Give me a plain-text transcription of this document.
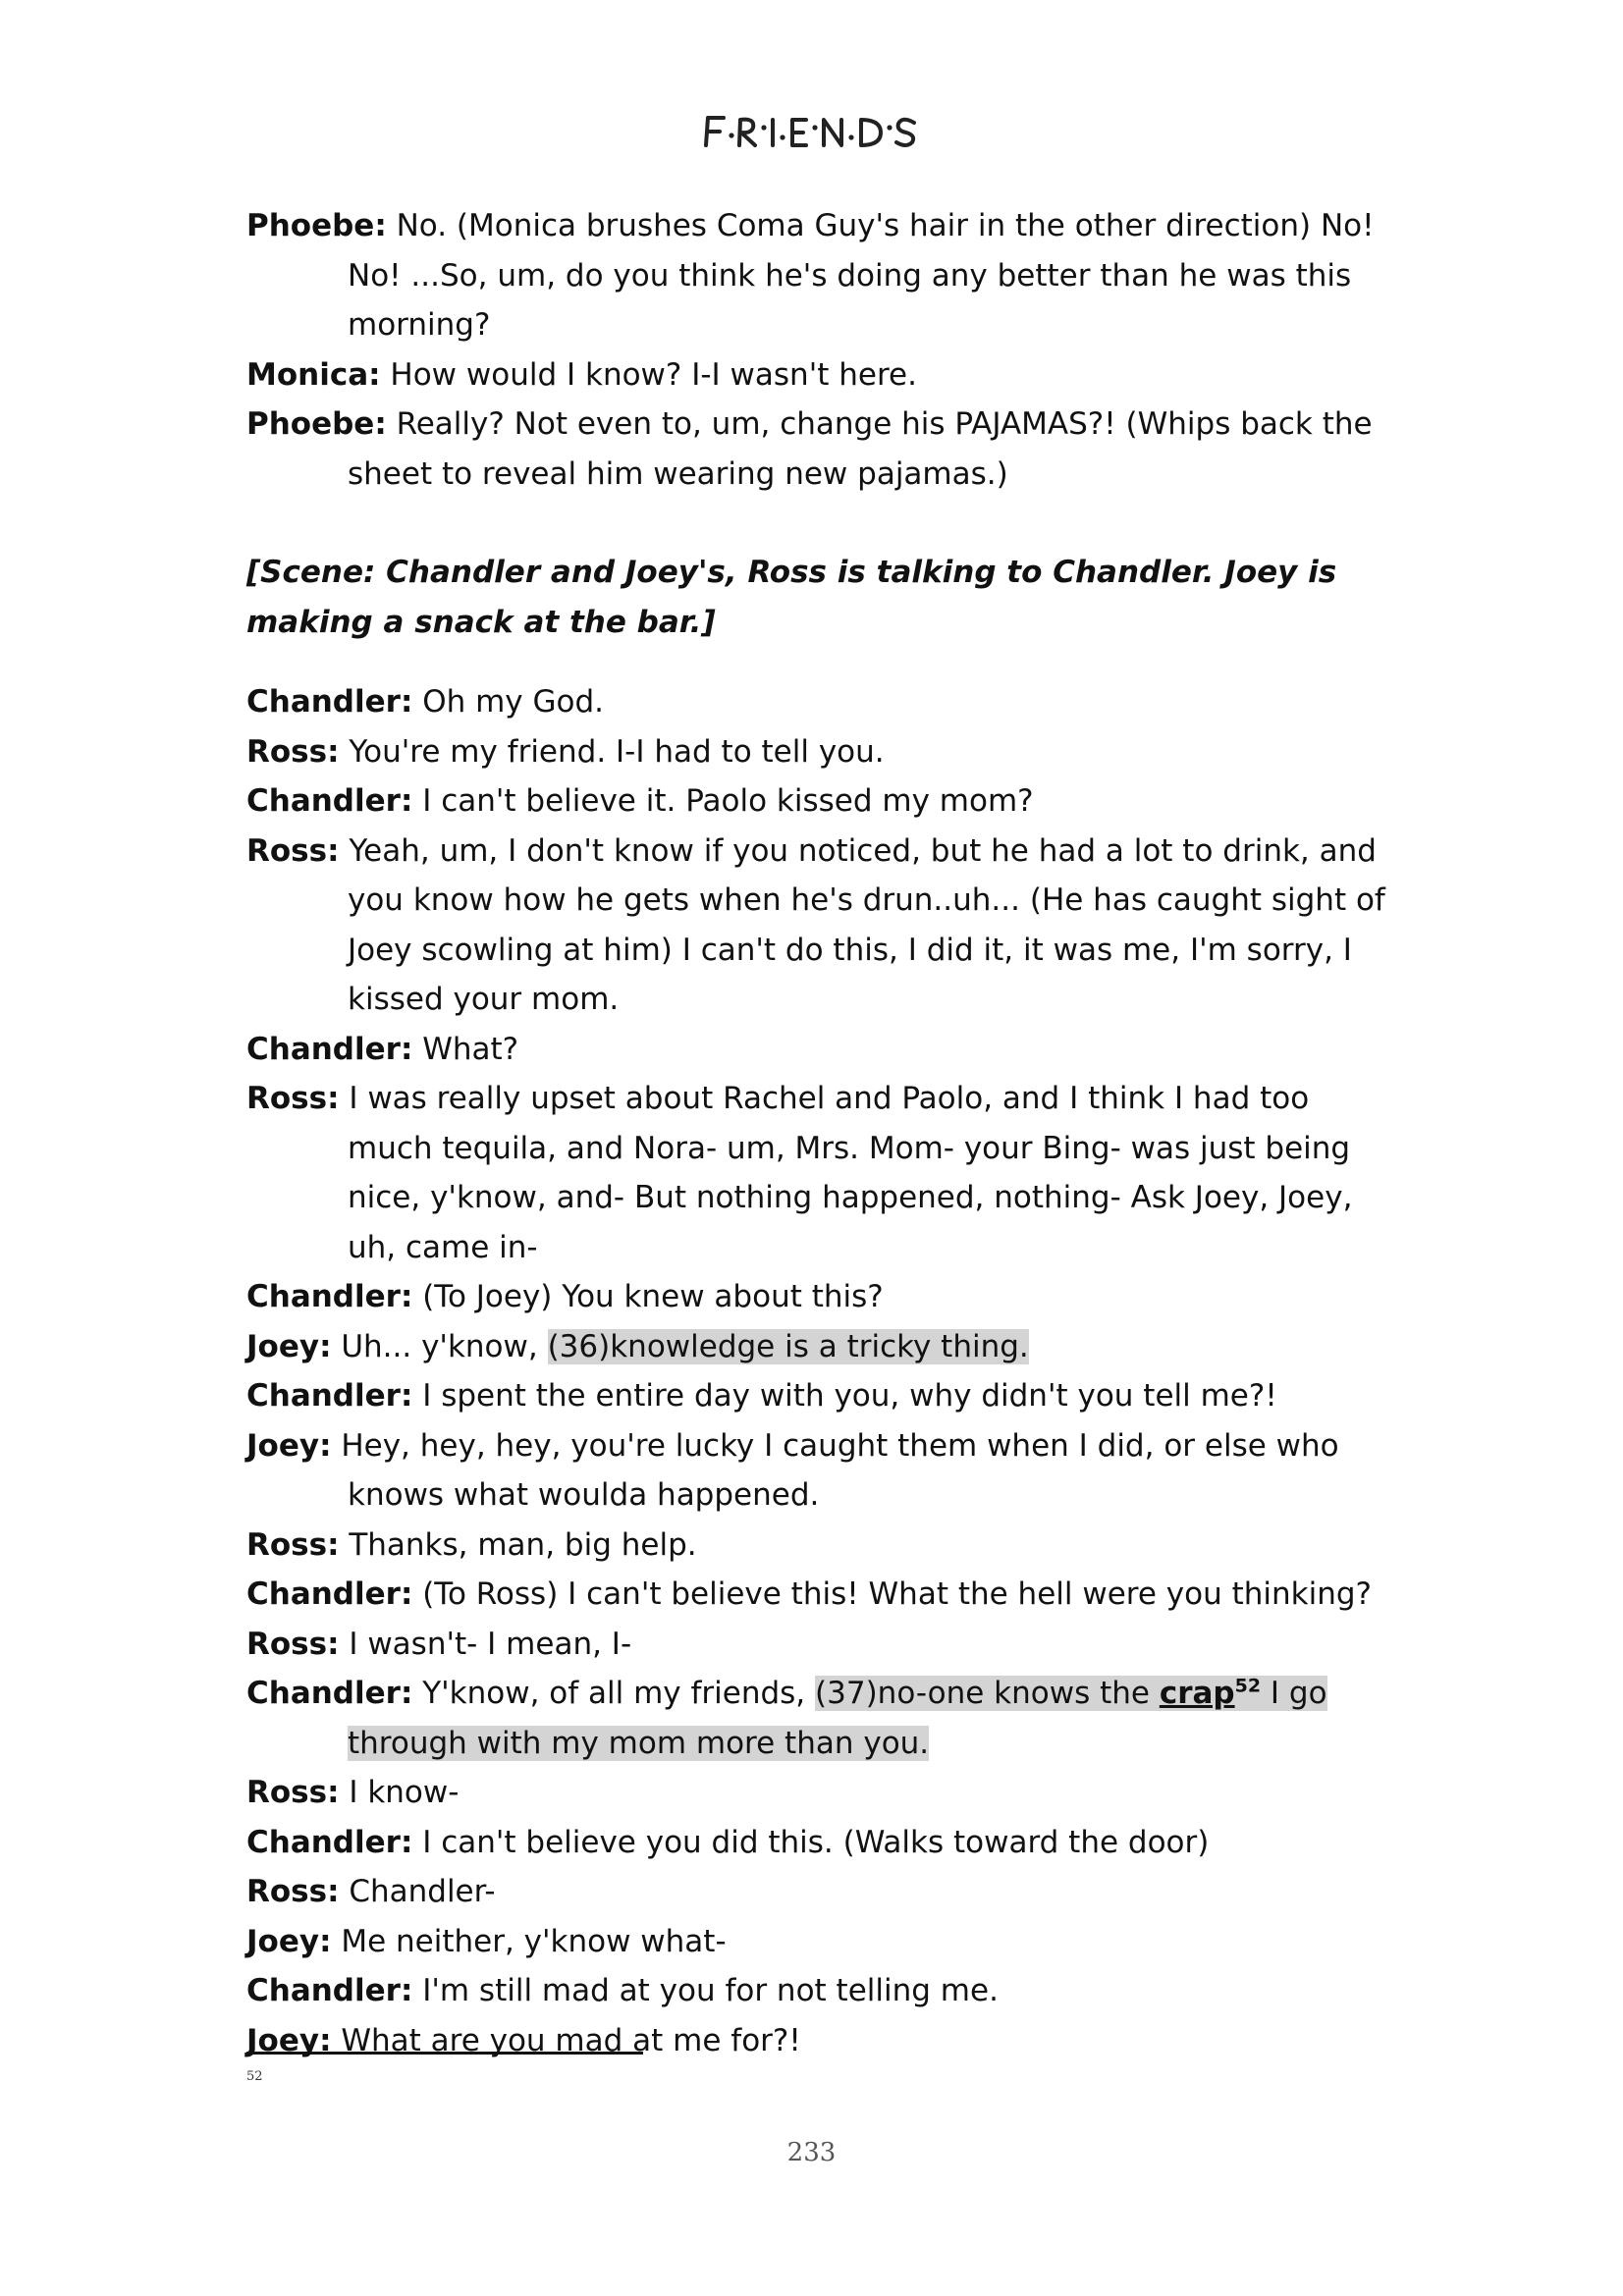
Phoebe: No. (Monica brushes Coma Guy's hair in the other direction) No! No! ...So, um, do you think he's doing any better than he was this morning?

Monica: How would I know? I-I wasn't here.

Phoebe: Really? Not even to, um, change his PAJAMAS?! (Whips back the sheet to reveal him wearing new pajamas.)

[Scene: Chandler and Joey's, Ross is talking to Chandler. Joey is making a snack at the bar.]

Chandler: Oh my God.

Ross: You're my friend. I-I had to tell you.

Chandler: I can't believe it. Paolo kissed my mom?

Ross: Yeah, um, I don't know if you noticed, but he had a lot to drink, and you know how he gets when he's drun..uh... (He has caught sight of Joey scowling at him) I can't do this, I did it, it was me, I'm sorry, I kissed your mom.

Chandler: What?

Ross: I was really upset about Rachel and Paolo, and I think I had too much tequila, and Nora- um, Mrs. Mom- your Bing- was just being nice, y'know, and- But nothing happened, nothing- Ask Joey, Joey, uh, came in-

Chandler: (To Joey) You knew about this?

Joey: Uh... y'know, (36)knowledge is a tricky thing.

Chandler: I spent the entire day with you, why didn't you tell me?!

Joey: Hey, hey, hey, you're lucky I caught them when I did, or else who knows what woulda happened.

Ross: Thanks, man, big help.

Chandler: (To Ross) I can't believe this! What the hell were you thinking?

Ross: I wasn't- I mean, I-

Chandler: Y'know, of all my friends, (37)no-one knows the crap$^{52}$ I go through with my mom more than you.

Ross: I know-

Chandler: I can't believe you did this. (Walks toward the door)

Ross: Chandler-

Joey: Me neither, y'know what-

Chandler: I'm still mad at you for not telling me.

Joey: What are you mad at me for?!

52
233
